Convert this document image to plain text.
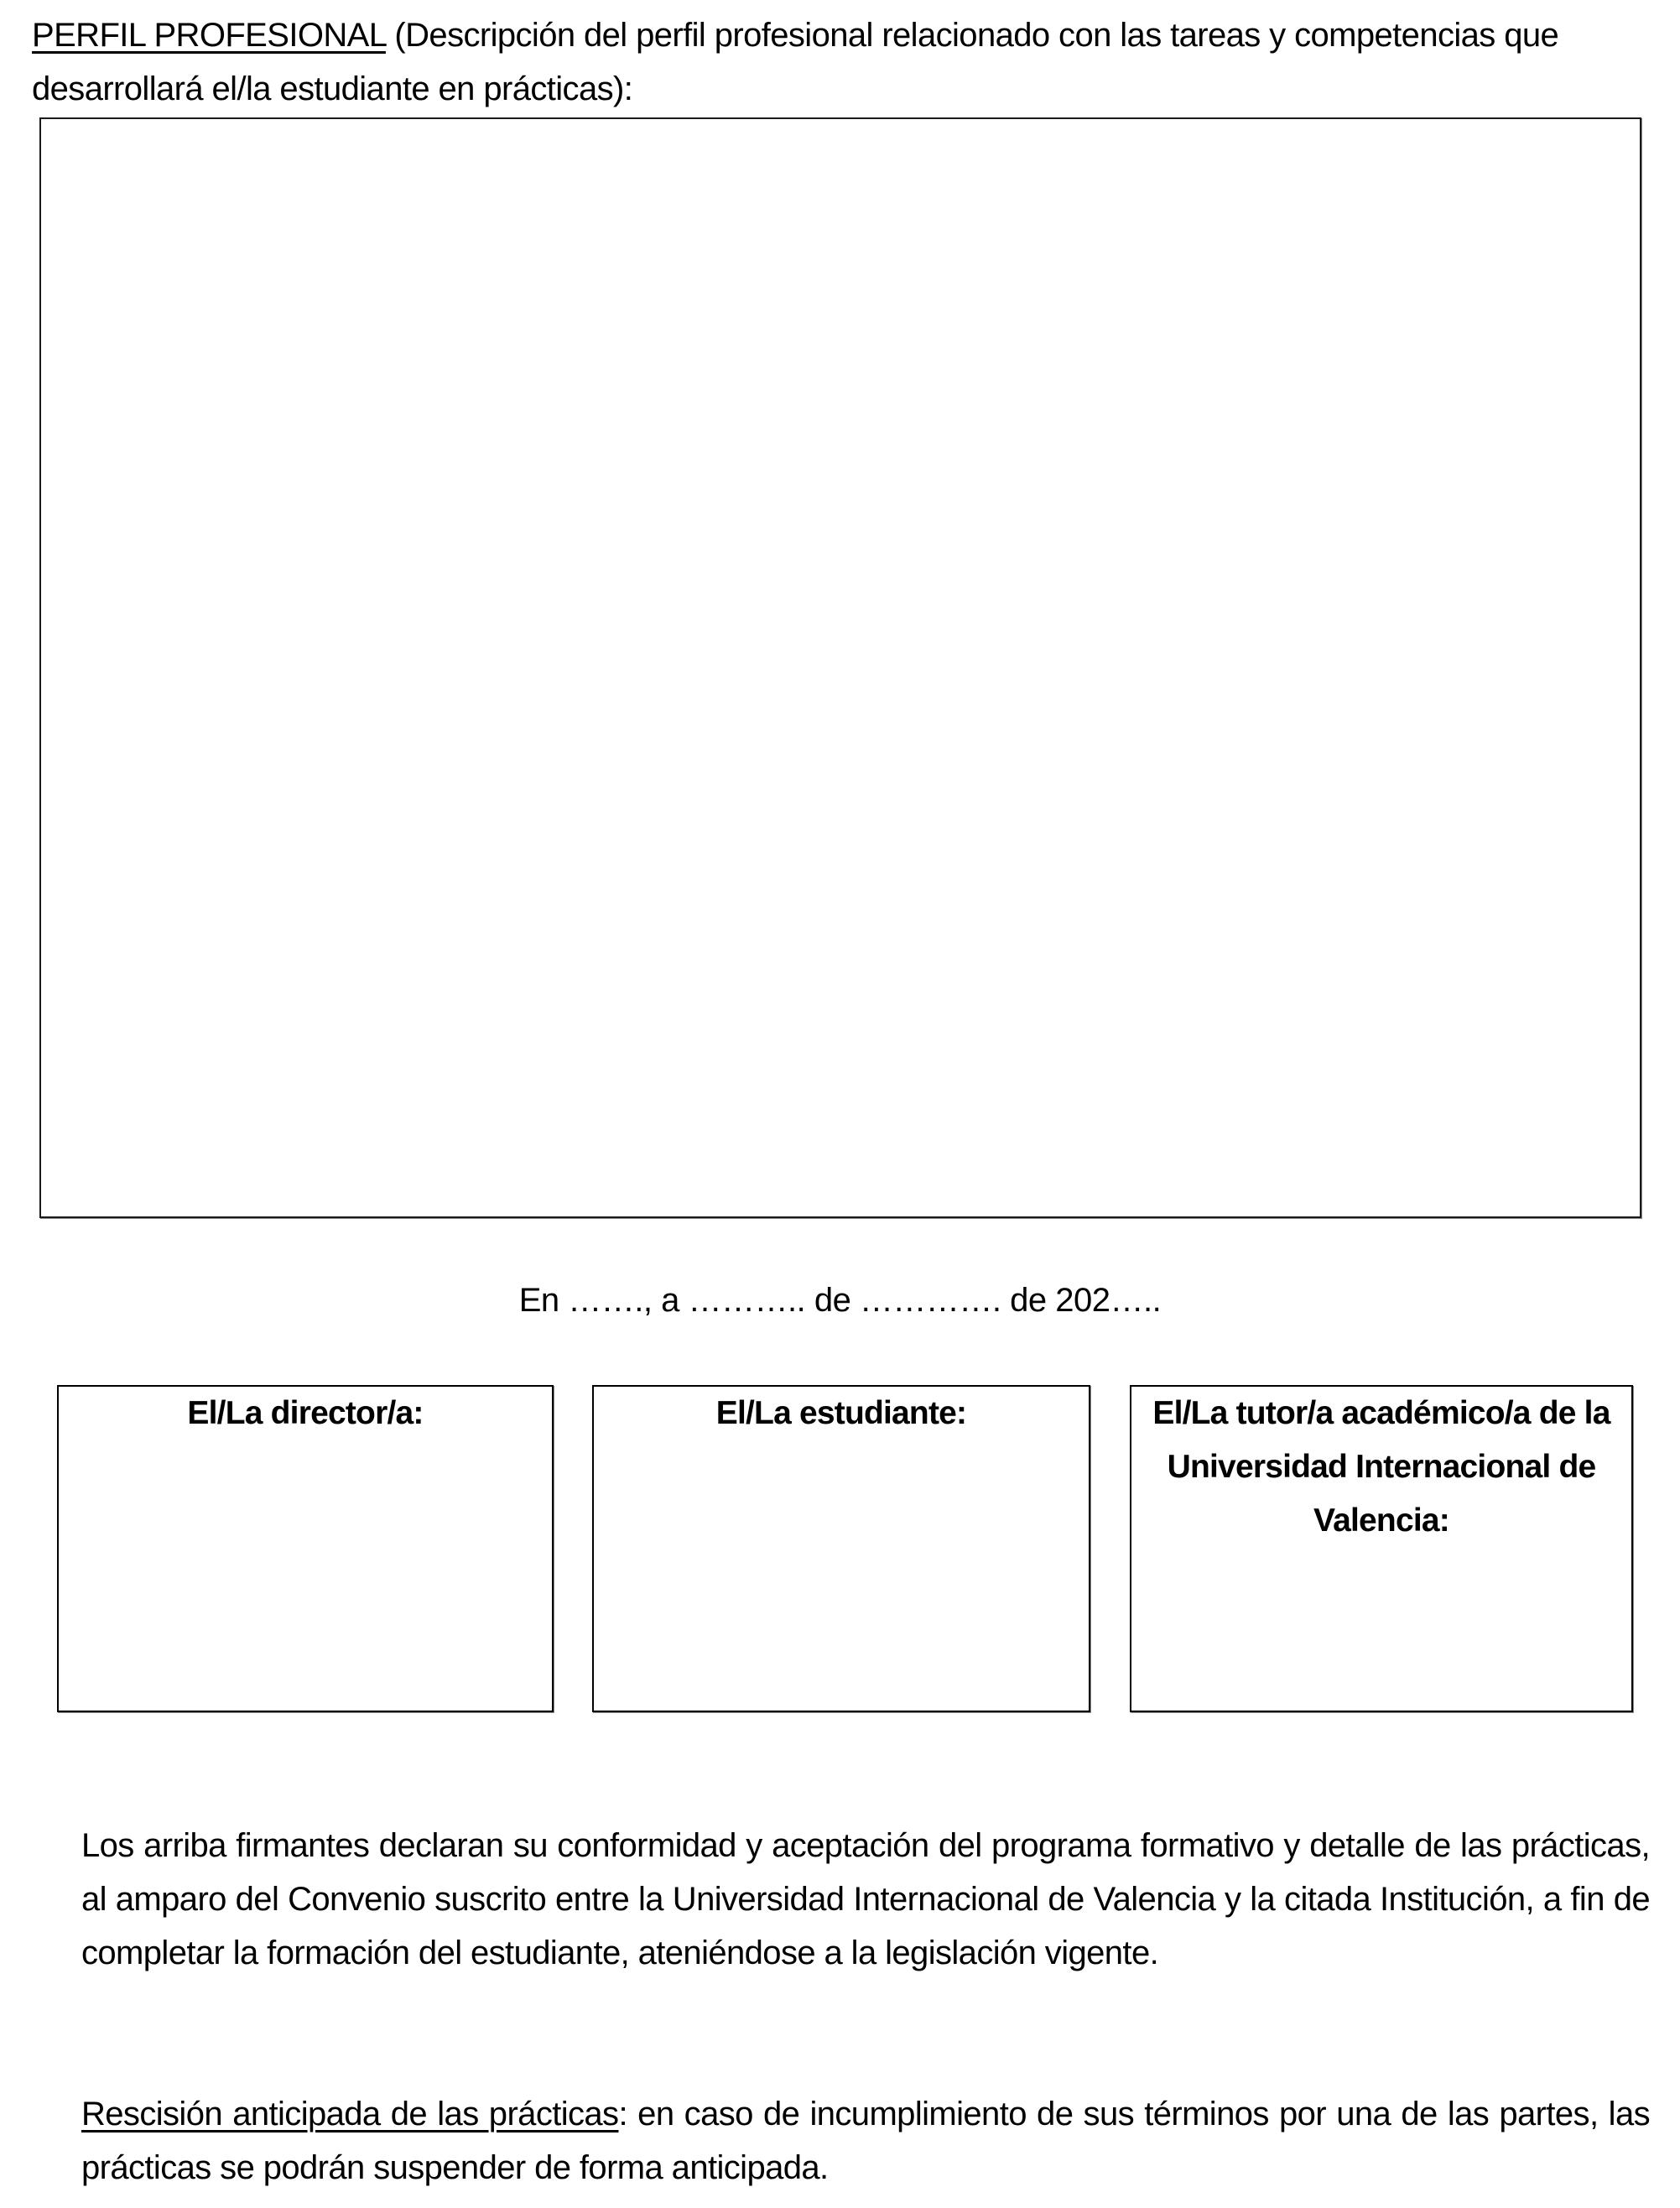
PERFIL PROFESIONAL (Descripción del perfil profesional relacionado con las tareas y competencias que desarrollará el/la estudiante en prácticas):
En ……., a ……….. de …………. de 202…..

El/La director/a:	El/La estudiante:	El/La tutor/a académico/a de la Universidad Internacional de Valencia:

Los arriba firmantes declaran su conformidad y aceptación del programa formativo y detalle de las prácticas, al amparo del Convenio suscrito entre la Universidad Internacional de Valencia y la citada Institución, a fin de completar la formación del estudiante, ateniéndose a la legislación vigente.
Rescisión anticipada de las prácticas: en caso de incumplimiento de sus términos por una de las partes, las prácticas se podrán suspender de forma anticipada.
